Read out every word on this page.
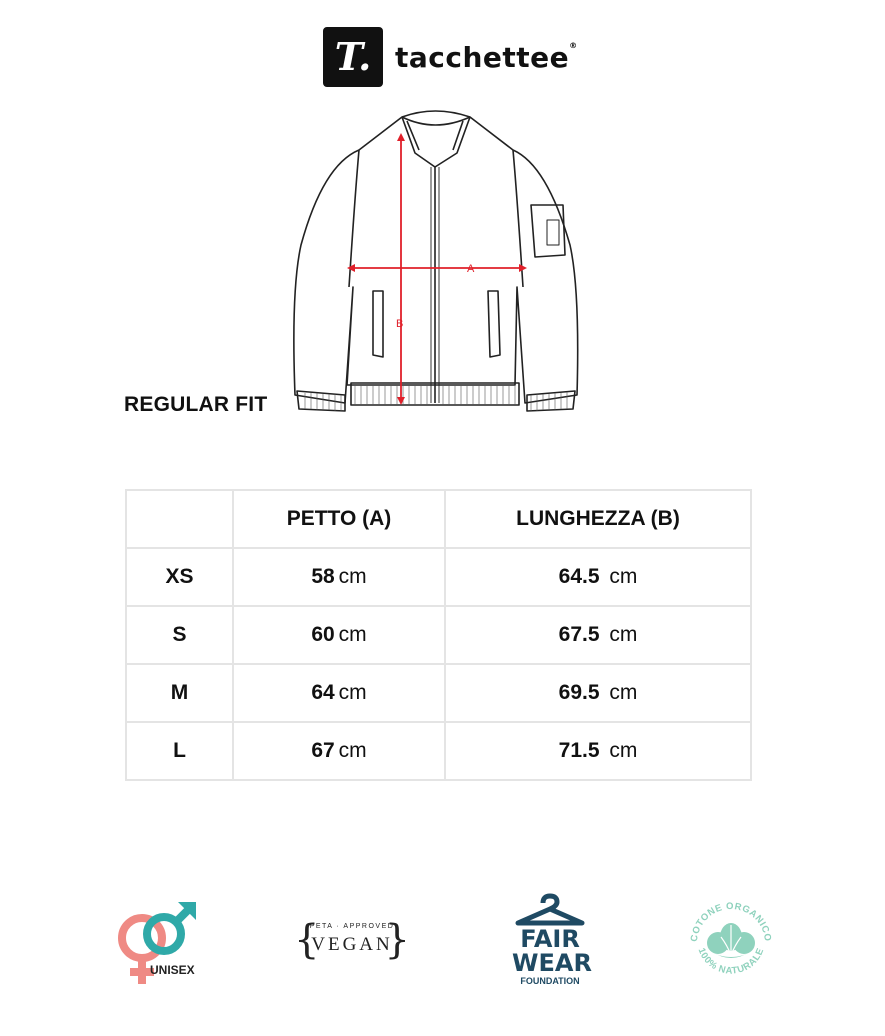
T. tacchettee®
A
B
REGULAR FIT
	PETTO (A)	LUNGHEZZA (B)
XS	58 cm	64.5 cm
S	60 cm	67.5 cm
M	64 cm	69.5 cm
L	67 cm	71.5 cm
UNISEX
{
PETA · APPROVED
VEGAN
}	FAIR
WEAR
FOUNDATION
COTONE ORGANICO
100% NATURALE
